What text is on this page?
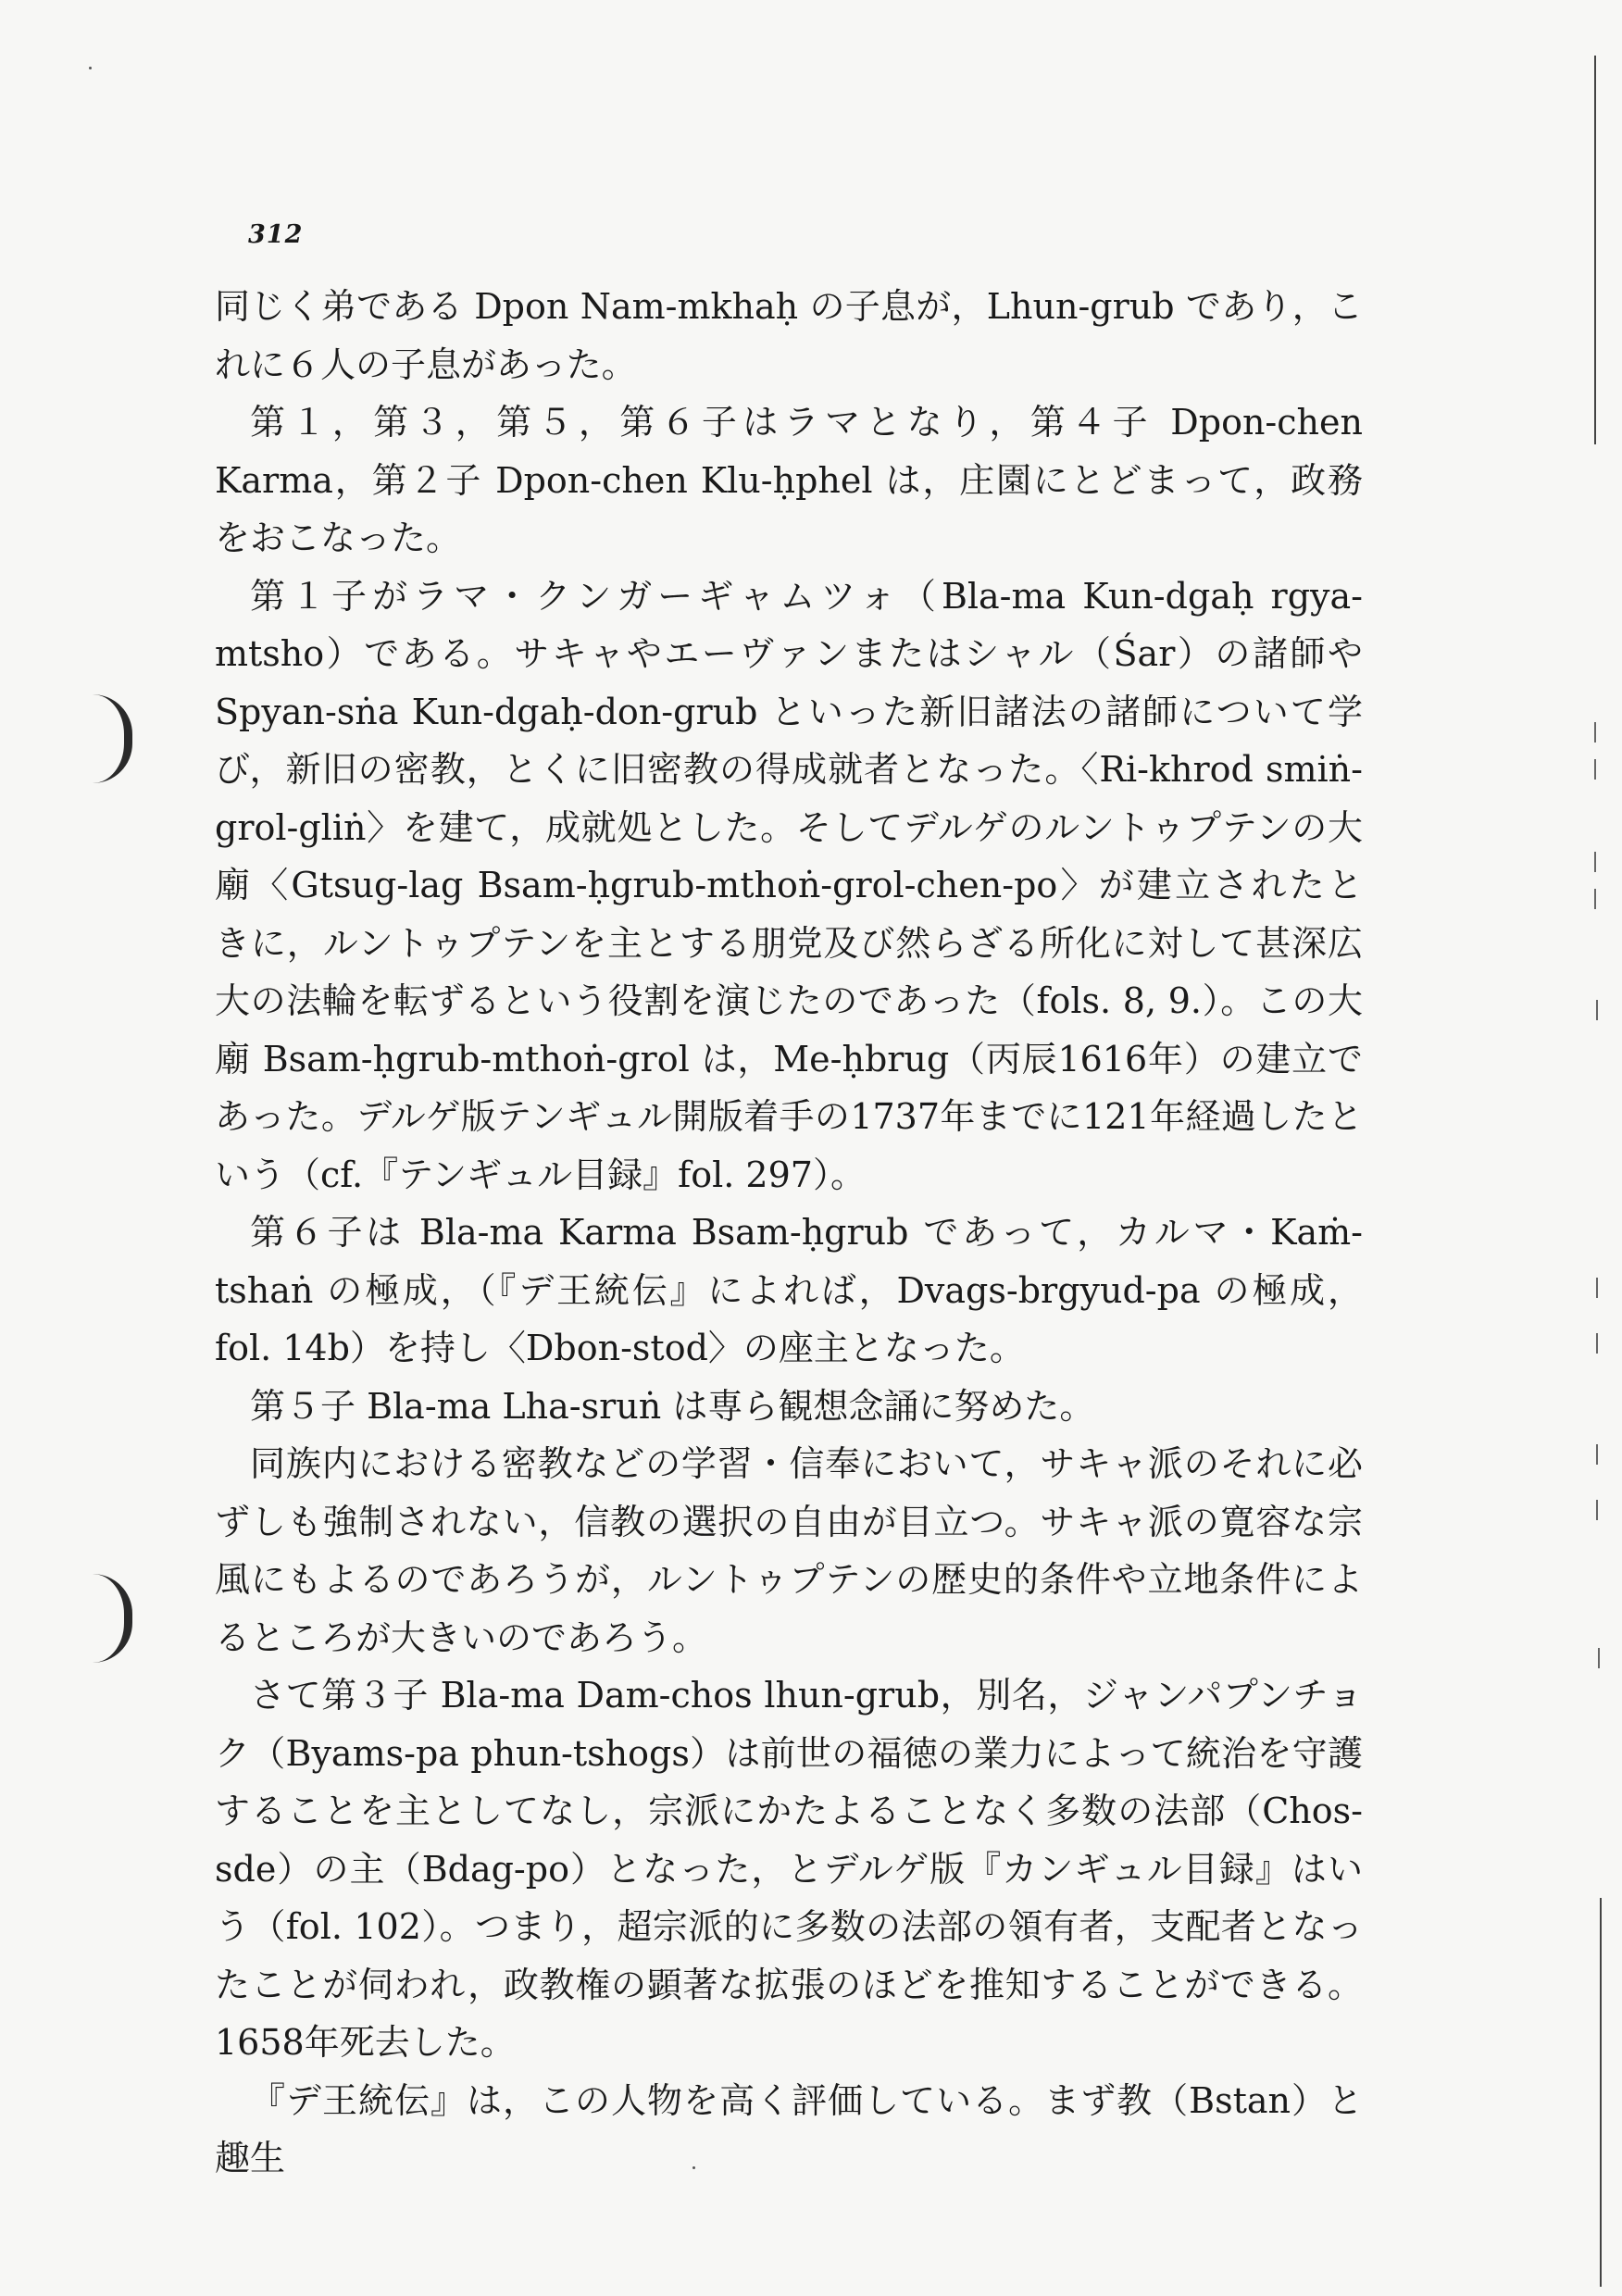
312

同じく弟である Dpon Nam-mkhaḥ の子息が，Lhun-grub であり，これに６人の子息があった。

第１，第３，第５，第６子はラマとなり，第４子 Dpon-chen Karma，第２子 Dpon-chen Klu-ḥphel は，庄園にとどまって，政務をおこなった。

第１子がラマ・クンガーギャムツォ（Bla-ma Kun-dgaḥ rgya-mtsho）である。サキャやエーヴァンまたはシャル（Śar）の諸師や Spyan-sṅa Kun-dgaḥ-don-grub といった新旧諸法の諸師について学び，新旧の密教，とくに旧密教の得成就者となった。〈Ri-khrod smiṅ-grol-gliṅ〉を建て，成就処とした。そしてデルゲのルントゥプテンの大廟〈Gtsug-lag Bsam-ḥgrub-mthoṅ-grol-chen-po〉が建立されたときに，ルントゥプテンを主とする朋党及び然らざる所化に対して甚深広大の法輪を転ずるという役割を演じたのであった（fols. 8, 9.）。この大廟 Bsam-ḥgrub-mthoṅ-grol は，Me-ḥbrug（丙辰1616年）の建立であった。デルゲ版テンギュル開版着手の1737年までに121年経過したという（cf.『テンギュル目録』fol. 297）。

第６子は Bla-ma Karma Bsam-ḥgrub であって，カルマ・Kaṁ-tshaṅ の極成，（『デ王統伝』によれば，Dvags-brgyud-pa の極成，fol. 14b）を持し〈Dbon-stod〉の座主となった。

第５子 Bla-ma Lha-sruṅ は専ら観想念誦に努めた。

同族内における密教などの学習・信奉において，サキャ派のそれに必ずしも強制されない，信教の選択の自由が目立つ。サキャ派の寛容な宗風にもよるのであろうが，ルントゥプテンの歴史的条件や立地条件によるところが大きいのであろう。

さて第３子 Bla-ma Dam-chos lhun-grub，別名，ジャンパプンチョク（Byams-pa phun-tshogs）は前世の福徳の業力によって統治を守護することを主としてなし，宗派にかたよることなく多数の法部（Chos-sde）の主（Bdag-po）となった，とデルゲ版『カンギュル目録』はいう（fol. 102）。つまり，超宗派的に多数の法部の領有者，支配者となったことが伺われ，政教権の顕著な拡張のほどを推知することができる。1658年死去した。

『デ王統伝』は，この人物を高く評価している。まず教（Bstan）と趣生
